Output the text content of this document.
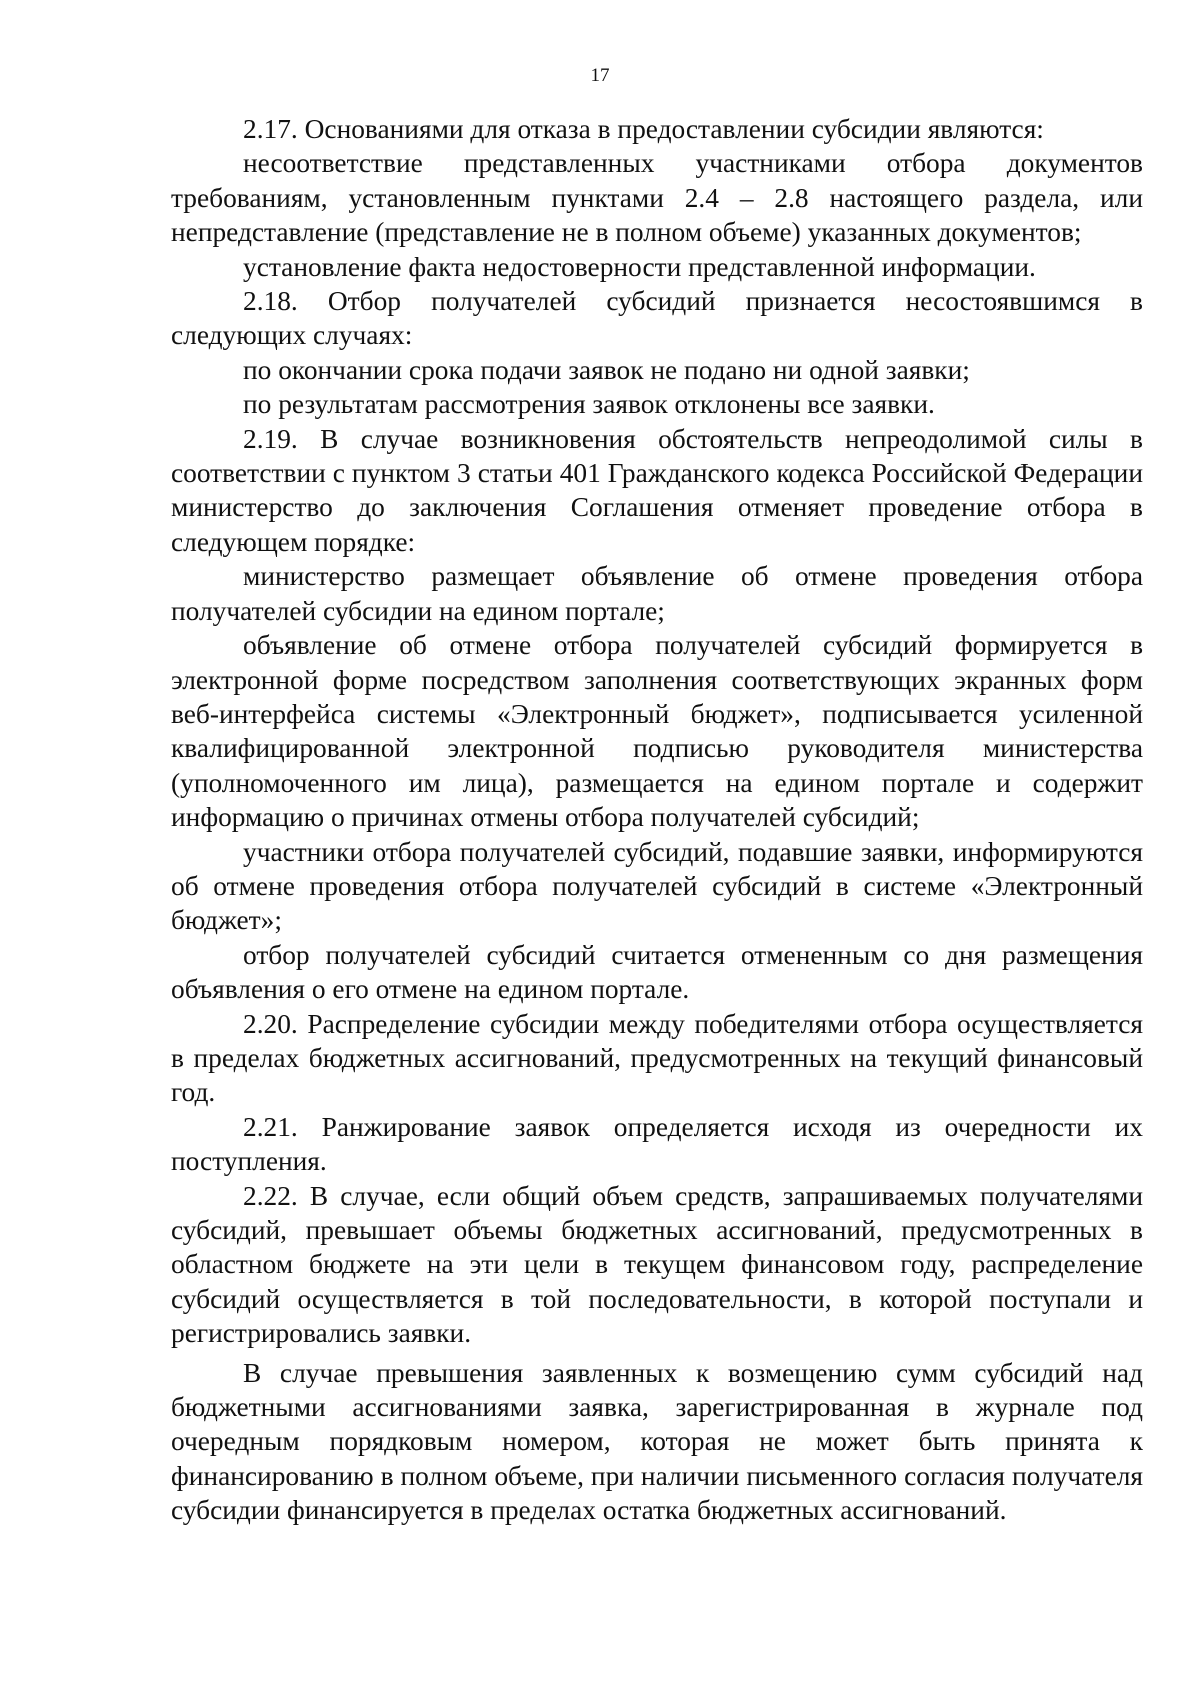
17

2.17. Основаниями для отказа в предоставлении субсидии являются:

несоответствие представленных участниками отбора документов требованиям, установленным пунктами 2.4 – 2.8 настоящего раздела, или непредставление (представление не в полном объеме) указанных документов;

установление факта недостоверности представленной информации.

2.18. Отбор получателей субсидий признается несостоявшимся в следующих случаях:

по окончании срока подачи заявок не подано ни одной заявки;

по результатам рассмотрения заявок отклонены все заявки.

2.19. В случае возникновения обстоятельств непреодолимой силы в соответствии с пунктом 3 статьи 401 Гражданского кодекса Российской Федерации министерство до заключения Соглашения отменяет проведение отбора в следующем порядке:

министерство размещает объявление об отмене проведения отбора получателей субсидии на едином портале;

объявление об отмене отбора получателей субсидий формируется в электронной форме посредством заполнения соответствующих экранных форм веб-интерфейса системы «Электронный бюджет», подписывается усиленной квалифицированной электронной подписью руководителя министерства (уполномоченного им лица), размещается на едином портале и содержит информацию о причинах отмены отбора получателей субсидий;

участники отбора получателей субсидий, подавшие заявки, информируются об отмене проведения отбора получателей субсидий в системе «Электронный бюджет»;

отбор получателей субсидий считается отмененным со дня размещения объявления о его отмене на едином портале.

2.20. Распределение субсидии между победителями отбора осуществляется в пределах бюджетных ассигнований, предусмотренных на текущий финансовый год.

2.21. Ранжирование заявок определяется исходя из очередности их поступления.

2.22. В случае, если общий объем средств, запрашиваемых получателями субсидий, превышает объемы бюджетных ассигнований, предусмотренных в областном бюджете на эти цели в текущем финансовом году, распределение субсидий осуществляется в той последовательности, в которой поступали и регистрировались заявки.

В случае превышения заявленных к возмещению сумм субсидий над бюджетными ассигнованиями заявка, зарегистрированная в журнале под очередным порядковым номером, которая не может быть принята к финансированию в полном объеме, при наличии письменного согласия получателя субсидии финансируется в пределах остатка бюджетных ассигнований.
